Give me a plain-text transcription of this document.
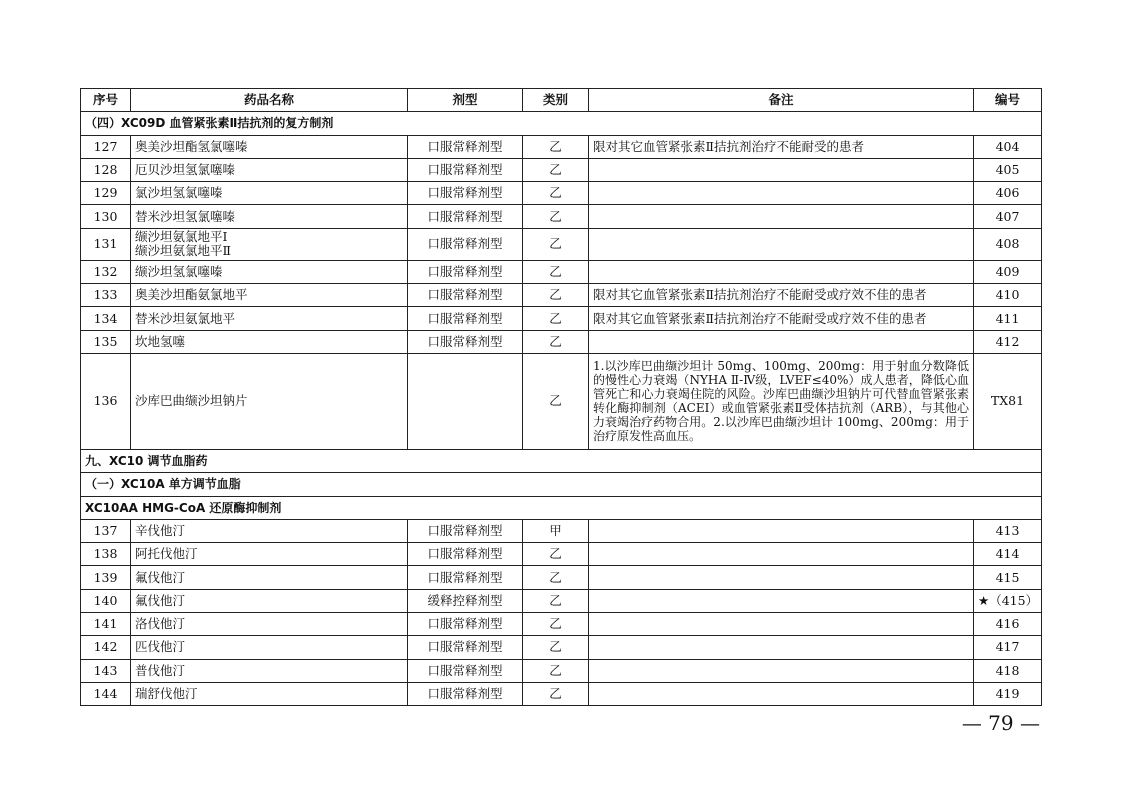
序号	药品名称	剂型	类别	备注	编号
（四）XC09D 血管紧张素Ⅱ拮抗剂的复方制剂					
127	奥美沙坦酯氢氯噻嗪	口服常释剂型	乙	限对其它血管紧张素Ⅱ拮抗剂治疗不能耐受的患者	404
128	厄贝沙坦氢氯噻嗪	口服常释剂型	乙		405
129	氯沙坦氢氯噻嗪	口服常释剂型	乙		406
130	替米沙坦氢氯噻嗪	口服常释剂型	乙		407
131	缬沙坦氨氯地平Ⅰ
缬沙坦氨氯地平Ⅱ	口服常释剂型	乙		408
132	缬沙坦氢氯噻嗪	口服常释剂型	乙		409
133	奥美沙坦酯氨氯地平	口服常释剂型	乙	限对其它血管紧张素Ⅱ拮抗剂治疗不能耐受或疗效不佳的患者	410
134	替米沙坦氨氯地平	口服常释剂型	乙	限对其它血管紧张素Ⅱ拮抗剂治疗不能耐受或疗效不佳的患者	411
135	坎地氢噻	口服常释剂型	乙		412
136	沙库巴曲缬沙坦钠片		乙	1.以沙库巴曲缬沙坦计 50mg、100mg、200mg：用于射血分数降低的慢性心力衰竭（NYHA Ⅱ-Ⅳ级，LVEF≤40%）成人患者，降低心血管死亡和心力衰竭住院的风险。沙库巴曲缬沙坦钠片可代替血管紧张素转化酶抑制剂（ACEI）或血管紧张素Ⅱ受体拮抗剂（ARB），与其他心力衰竭治疗药物合用。2.以沙库巴曲缬沙坦计 100mg、200mg：用于治疗原发性高血压。	TX81
九、XC10 调节血脂药					
（一）XC10A 单方调节血脂					
XC10AA HMG-CoA 还原酶抑制剂					
137	辛伐他汀	口服常释剂型	甲		413
138	阿托伐他汀	口服常释剂型	乙		414
139	氟伐他汀	口服常释剂型	乙		415
140	氟伐他汀	缓释控释剂型	乙		★（415）
141	洛伐他汀	口服常释剂型	乙		416
142	匹伐他汀	口服常释剂型	乙		417
143	普伐他汀	口服常释剂型	乙		418
144	瑞舒伐他汀	口服常释剂型	乙		419
— 79 —
